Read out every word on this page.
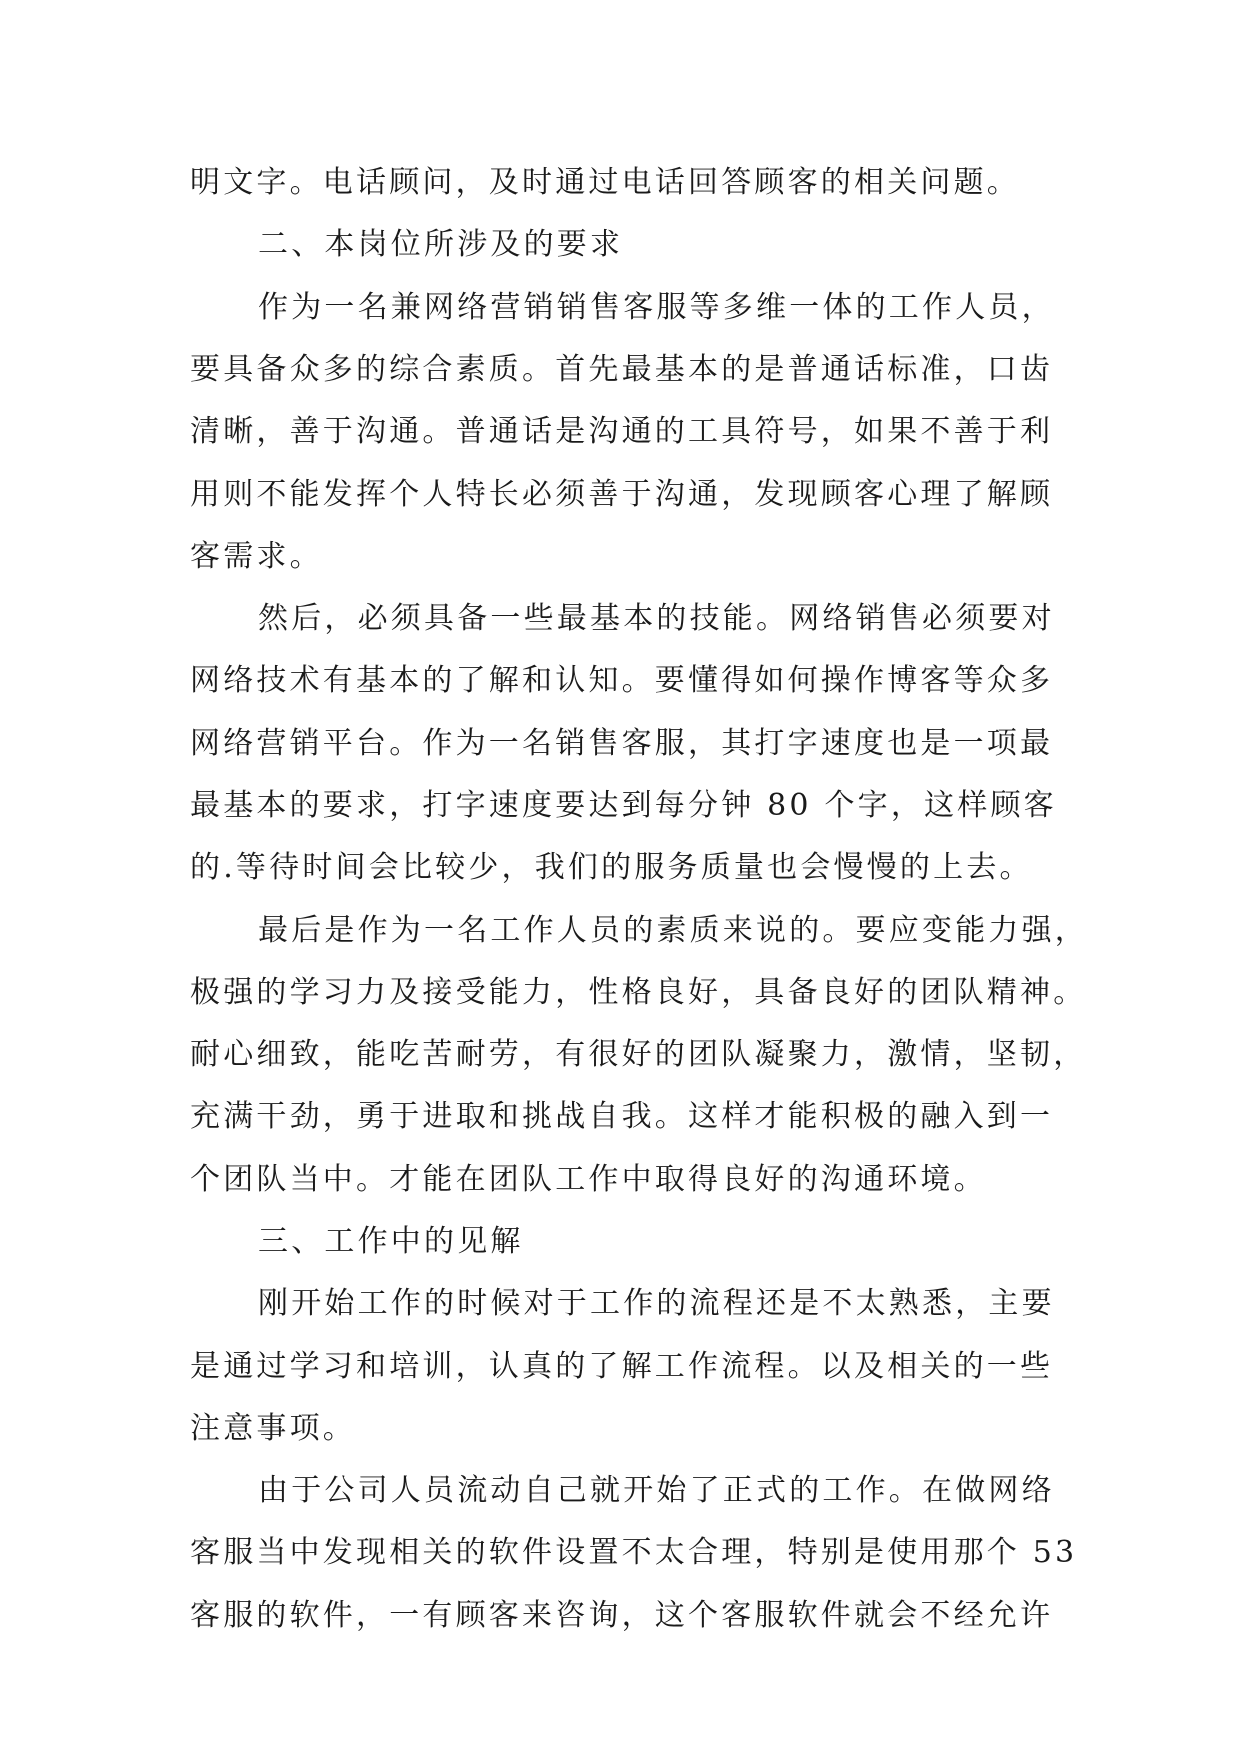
明文字。电话顾问，及时通过电话回答顾客的相关问题。
二、本岗位所涉及的要求
作为一名兼网络营销销售客服等多维一体的工作人员，
要具备众多的综合素质。首先最基本的是普通话标准，口齿
清晰，善于沟通。普通话是沟通的工具符号，如果不善于利
用则不能发挥个人特长必须善于沟通，发现顾客心理了解顾
客需求。
然后，必须具备一些最基本的技能。网络销售必须要对
网络技术有基本的了解和认知。要懂得如何操作博客等众多
网络营销平台。作为一名销售客服，其打字速度也是一项最
最基本的要求，打字速度要达到每分钟 80 个字，这样顾客
的.等待时间会比较少，我们的服务质量也会慢慢的上去。
最后是作为一名工作人员的素质来说的。要应变能力强，
极强的学习力及接受能力，性格良好，具备良好的团队精神。
耐心细致，能吃苦耐劳，有很好的团队凝聚力，激情，坚韧，
充满干劲，勇于进取和挑战自我。这样才能积极的融入到一
个团队当中。才能在团队工作中取得良好的沟通环境。
三、工作中的见解
刚开始工作的时候对于工作的流程还是不太熟悉，主要
是通过学习和培训，认真的了解工作流程。以及相关的一些
注意事项。
由于公司人员流动自己就开始了正式的工作。在做网络
客服当中发现相关的软件设置不太合理，特别是使用那个 53
客服的软件，一有顾客来咨询，这个客服软件就会不经允许
